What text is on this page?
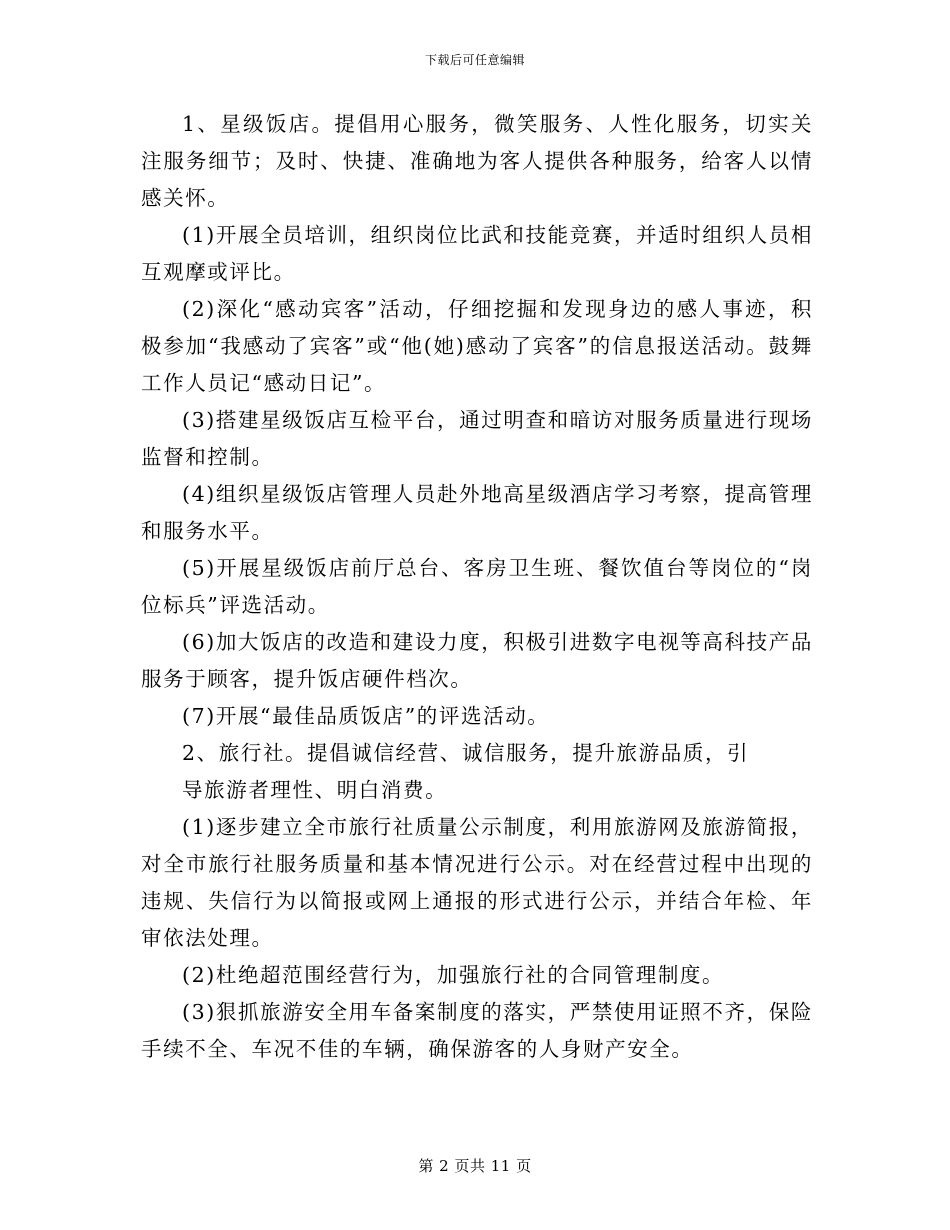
下载后可任意编辑

1、星级饭店。提倡用心服务，微笑服务、人性化服务，切实关注服务细节；及时、快捷、准确地为客人提供各种服务，给客人以情感关怀。

(1)开展全员培训，组织岗位比武和技能竞赛，并适时组织人员相互观摩或评比。

(2)深化“感动宾客”活动，仔细挖掘和发现身边的感人事迹，积极参加“我感动了宾客”或“他(她)感动了宾客”的信息报送活动。鼓舞工作人员记“感动日记”。

(3)搭建星级饭店互检平台，通过明查和暗访对服务质量进行现场监督和控制。

(4)组织星级饭店管理人员赴外地高星级酒店学习考察，提高管理和服务水平。

(5)开展星级饭店前厅总台、客房卫生班、餐饮值台等岗位的“岗位标兵”评选活动。

(6)加大饭店的改造和建设力度，积极引进数字电视等高科技产品服务于顾客，提升饭店硬件档次。

(7)开展“最佳品质饭店”的评选活动。

2、旅行社。提倡诚信经营、诚信服务，提升旅游品质，引
导旅游者理性、明白消费。

(1)逐步建立全市旅行社质量公示制度，利用旅游网及旅游简报，对全市旅行社服务质量和基本情况进行公示。对在经营过程中出现的违规、失信行为以简报或网上通报的形式进行公示，并结合年检、年审依法处理。

(2)杜绝超范围经营行为，加强旅行社的合同管理制度。

(3)狠抓旅游安全用车备案制度的落实，严禁使用证照不齐，保险手续不全、车况不佳的车辆，确保游客的人身财产安全。

第 2 页共 11 页
